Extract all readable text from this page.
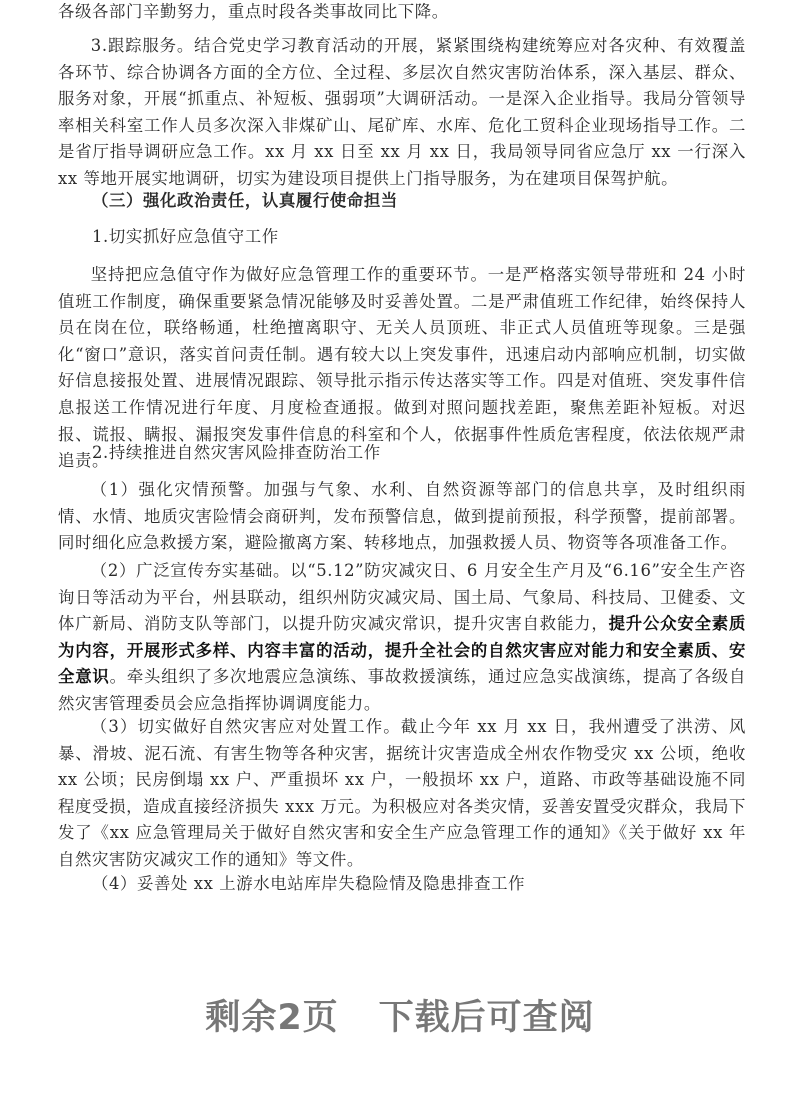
各级各部门辛勤努力，重点时段各类事故同比下降。

3.跟踪服务。结合党史学习教育活动的开展，紧紧围绕构建统筹应对各灾种、有效覆盖各环节、综合协调各方面的全方位、全过程、多层次自然灾害防治体系，深入基层、群众、服务对象，开展“抓重点、补短板、强弱项”大调研活动。一是深入企业指导。我局分管领导率相关科室工作人员多次深入非煤矿山、尾矿库、水库、危化工贸科企业现场指导工作。二是省厅指导调研应急工作。xx 月 xx 日至 xx 月 xx 日，我局领导同省应急厅 xx 一行深入 xx 等地开展实地调研，切实为建设项目提供上门指导服务，为在建项目保驾护航。

（三）强化政治责任，认真履行使命担当

1.切实抓好应急值守工作

坚持把应急值守作为做好应急管理工作的重要环节。一是严格落实领导带班和 24 小时值班工作制度，确保重要紧急情况能够及时妥善处置。二是严肃值班工作纪律，始终保持人员在岗在位，联络畅通，杜绝擅离职守、无关人员顶班、非正式人员值班等现象。三是强化“窗口”意识，落实首问责任制。遇有较大以上突发事件，迅速启动内部响应机制，切实做好信息接报处置、进展情况跟踪、领导批示指示传达落实等工作。四是对值班、突发事件信息报送工作情况进行年度、月度检查通报。做到对照问题找差距，聚焦差距补短板。对迟报、谎报、瞒报、漏报突发事件信息的科室和个人，依据事件性质危害程度，依法依规严肃追责。

2.持续推进自然灾害风险排查防治工作

（1）强化灾情预警。加强与气象、水利、自然资源等部门的信息共享，及时组织雨情、水情、地质灾害险情会商研判，发布预警信息，做到提前预报，科学预警，提前部署。同时细化应急救援方案，避险撤离方案、转移地点，加强救援人员、物资等各项准备工作。

（2）广泛宣传夯实基础。以“5.12”防灾减灾日、6 月安全生产月及“6.16”安全生产咨询日等活动为平台，州县联动，组织州防灾减灾局、国土局、气象局、科技局、卫健委、文体广新局、消防支队等部门，以提升防灾减灾常识，提升灾害自救能力，提升公众安全素质为内容，开展形式多样、内容丰富的活动，提升全社会的自然灾害应对能力和安全素质、安全意识。牵头组织了多次地震应急演练、事故救援演练，通过应急实战演练，提高了各级自然灾害管理委员会应急指挥协调调度能力。

（3）切实做好自然灾害应对处置工作。截止今年 xx 月 xx 日，我州遭受了洪涝、风暴、滑坡、泥石流、有害生物等各种灾害，据统计灾害造成全州农作物受灾 xx 公顷，绝收 xx 公顷；民房倒塌 xx 户、严重损坏 xx 户，一般损坏 xx 户，道路、市政等基础设施不同程度受损，造成直接经济损失 xxx 万元。为积极应对各类灾情，妥善安置受灾群众，我局下发了《xx 应急管理局关于做好自然灾害和安全生产应急管理工作的通知》《关于做好 xx 年自然灾害防灾减灾工作的通知》等文件。

（4）妥善处 xx 上游水电站库岸失稳险情及隐患排查工作

剩余2页 下载后可查阅
